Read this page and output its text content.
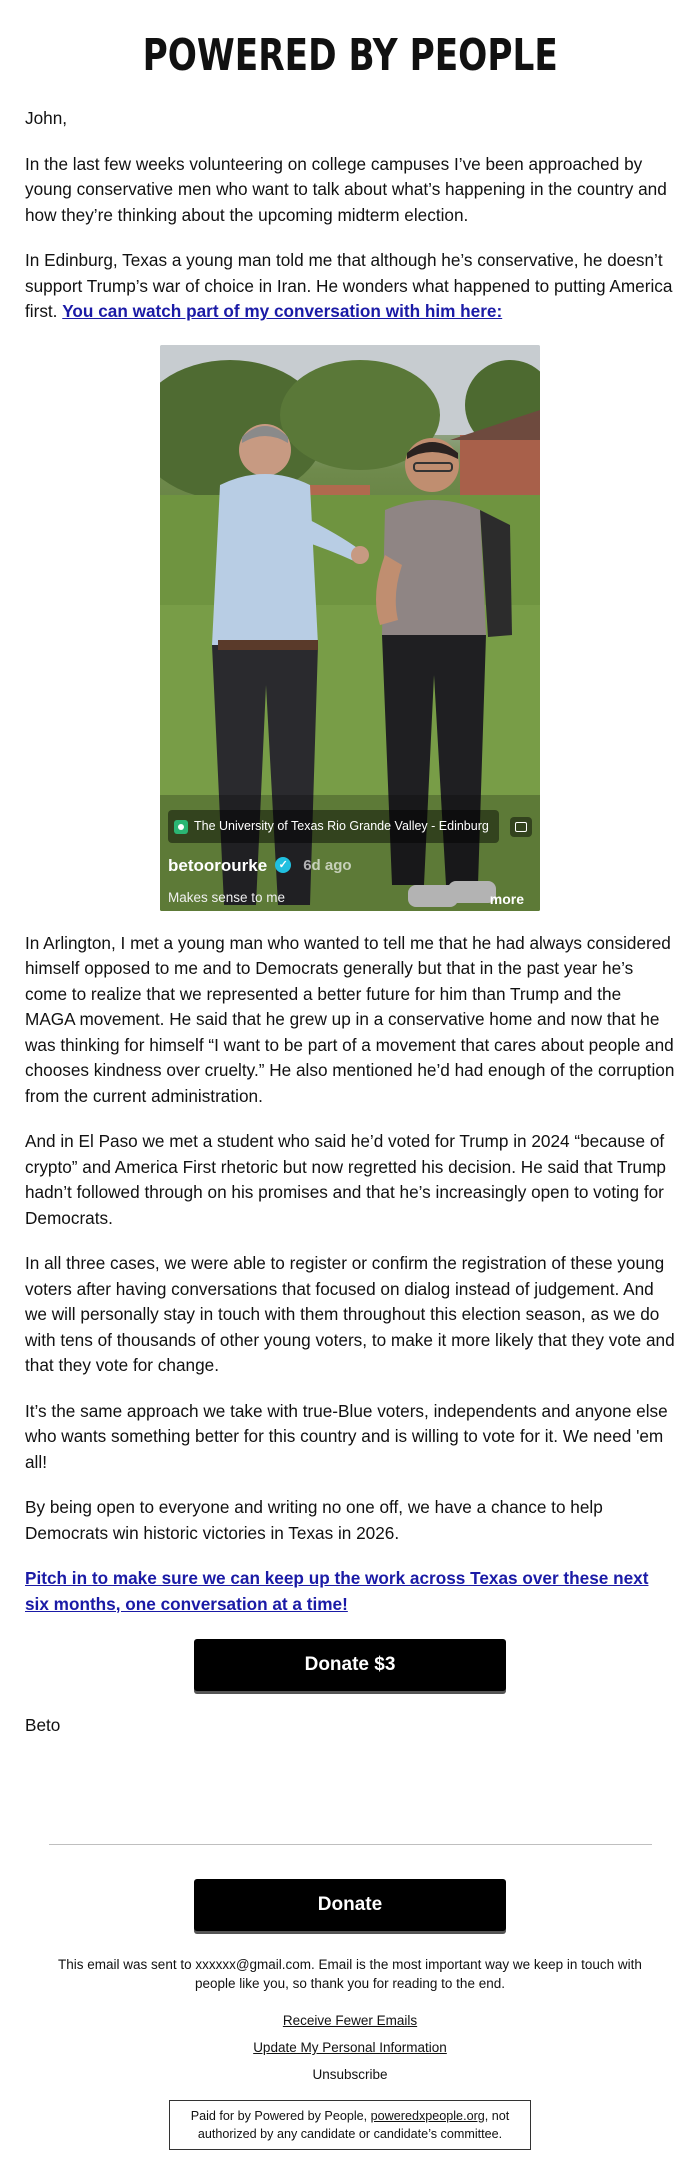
POWERED BY PEOPLE

John,

In the last few weeks volunteering on college campuses I’ve been approached by young conservative men who want to talk about what’s happening in the country and how they’re thinking about the upcoming midterm election.

In Edinburg, Texas a young man told me that although he’s conservative, he doesn’t support Trump’s war of choice in Iran. He wonders what happened to putting America first. You can watch part of my conversation with him here:

The University of Texas Rio Grande Valley - Edinburg
betoorourke	✓ 6d ago
Makes sense to me	more

In Arlington, I met a young man who wanted to tell me that he had always considered himself opposed to me and to Democrats generally but that in the past year he’s come to realize that we represented a better future for him than Trump and the MAGA movement. He said that he grew up in a conservative home and now that he was thinking for himself “I want to be part of a movement that cares about people and chooses kindness over cruelty.” He also mentioned he’d had enough of the corruption from the current administration.

And in El Paso we met a student who said he’d voted for Trump in 2024 “because of crypto” and America First rhetoric but now regretted his decision. He said that Trump hadn’t followed through on his promises and that he’s increasingly open to voting for Democrats.

In all three cases, we were able to register or confirm the registration of these young voters after having conversations that focused on dialog instead of judgement. And we will personally stay in touch with them throughout this election season, as we do with tens of thousands of other young voters, to make it more likely that they vote and that they vote for change.

It’s the same approach we take with true-Blue voters, independents and anyone else who wants something better for this country and is willing to vote for it. We need 'em all!

By being open to everyone and writing no one off, we have a chance to help Democrats win historic victories in Texas in 2026.

Pitch in to make sure we can keep up the work across Texas over these next six months, one conversation at a time!

Donate $3

Beto

Donate
This email was sent to xxxxxx@gmail.com. Email is the most important way we keep in touch with people like you, so thank you for reading to the end.
Receive Fewer Emails
Update My Personal Information
Unsubscribe
Paid for by Powered by People, poweredxpeople.org, not authorized by any candidate or candidate’s committee.
